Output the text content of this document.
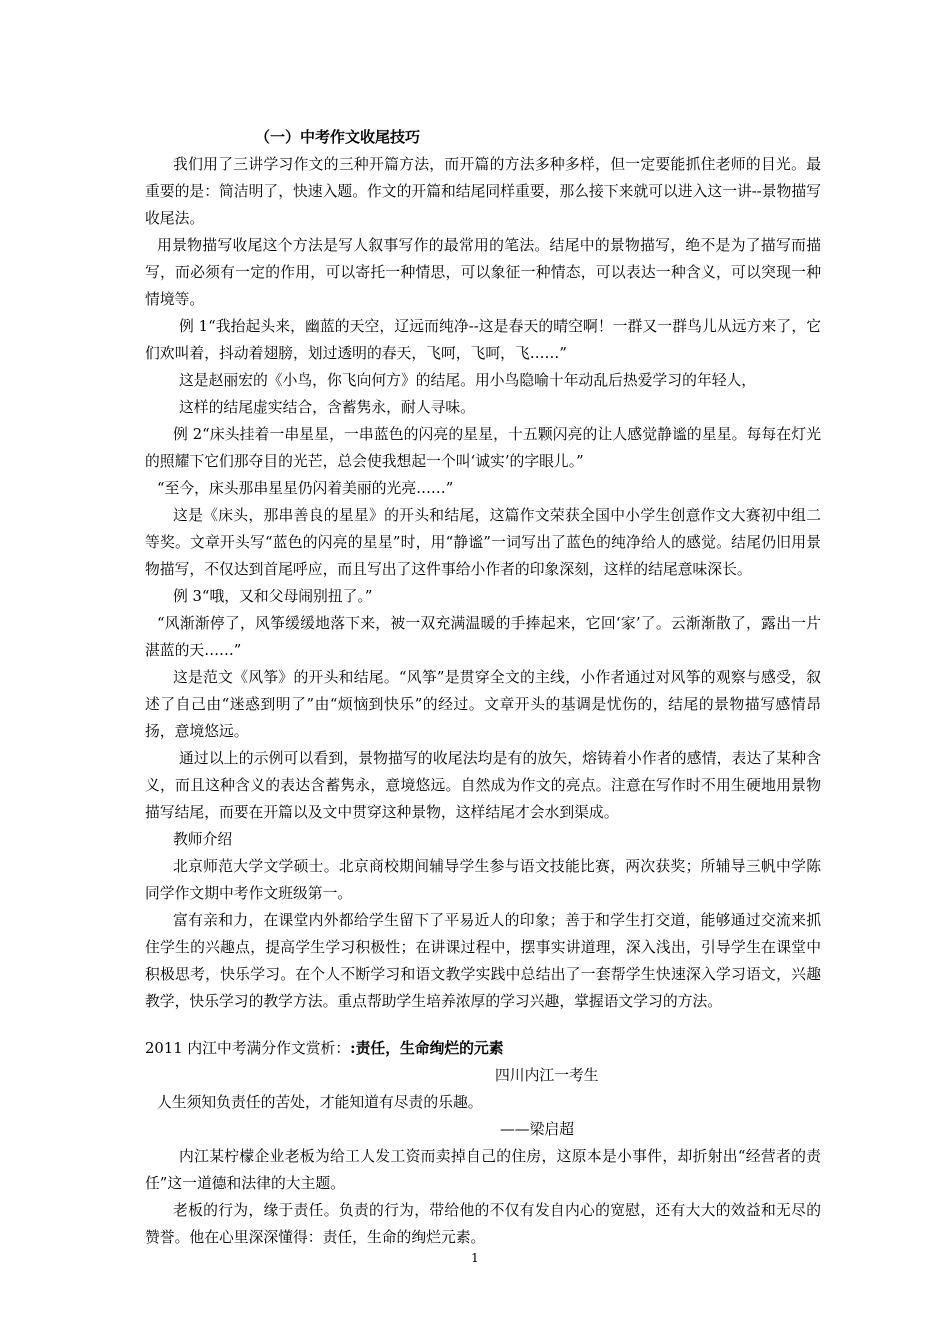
（一）中考作文收尾技巧

我们用了三讲学习作文的三种开篇方法，而开篇的方法多种多样，但一定要能抓住老师的目光。最重要的是：简洁明了，快速入题。作文的开篇和结尾同样重要，那么接下来就可以进入这一讲--景物描写收尾法。

用景物描写收尾这个方法是写人叙事写作的最常用的笔法。结尾中的景物描写，绝不是为了描写而描写，而必须有一定的作用，可以寄托一种情思，可以象征一种情态，可以表达一种含义，可以突现一种情境等。

例 1“我抬起头来，幽蓝的天空，辽远而纯净--这是春天的晴空啊！一群又一群鸟儿从远方来了，它们欢叫着，抖动着翅膀，划过透明的春天，飞呵，飞呵，飞……”

这是赵丽宏的《小鸟，你飞向何方》的结尾。用小鸟隐喻十年动乱后热爱学习的年轻人，

这样的结尾虚实结合，含蓄隽永，耐人寻味。

例 2“床头挂着一串星星，一串蓝色的闪亮的星星，十五颗闪亮的让人感觉静谧的星星。每每在灯光的照耀下它们那夺目的光芒，总会使我想起一个叫‘诚实’的字眼儿。”

“至今，床头那串星星仍闪着美丽的光亮……”

这是《床头，那串善良的星星》的开头和结尾，这篇作文荣获全国中小学生创意作文大赛初中组二等奖。文章开头写“蓝色的闪亮的星星”时，用“静谧”一词写出了蓝色的纯净给人的感觉。结尾仍旧用景物描写，不仅达到首尾呼应，而且写出了这件事给小作者的印象深刻，这样的结尾意味深长。

例 3“哦，又和父母闹别扭了。”

“风渐渐停了，风筝缓缓地落下来，被一双充满温暖的手捧起来，它回‘家’了。云渐渐散了，露出一片湛蓝的天……”

这是范文《风筝》的开头和结尾。“风筝”是贯穿全文的主线，小作者通过对风筝的观察与感受，叙述了自己由“迷惑到明了”由“烦恼到快乐”的经过。文章开头的基调是忧伤的，结尾的景物描写感情昂扬，意境悠远。

通过以上的示例可以看到，景物描写的收尾法均是有的放矢，熔铸着小作者的感情，表达了某种含义，而且这种含义的表达含蓄隽永，意境悠远。自然成为作文的亮点。注意在写作时不用生硬地用景物描写结尾，而要在开篇以及文中贯穿这种景物，这样结尾才会水到渠成。

教师介绍

北京师范大学文学硕士。北京商校期间辅导学生参与语文技能比赛，两次获奖；所辅导三帆中学陈同学作文期中考作文班级第一。

富有亲和力，在课堂内外都给学生留下了平易近人的印象；善于和学生打交道，能够通过交流来抓住学生的兴趣点，提高学生学习积极性；在讲课过程中，摆事实讲道理，深入浅出，引导学生在课堂中积极思考，快乐学习。在个人不断学习和语文教学实践中总结出了一套帮学生快速深入学习语文，兴趣教学，快乐学习的教学方法。重点帮助学生培养浓厚的学习兴趣，掌握语文学习的方法。

2011 内江中考满分作文赏析：:责任，生命绚烂的元素

四川内江一考生

人生须知负责任的苦处，才能知道有尽责的乐趣。

——梁启超

内江某柠檬企业老板为给工人发工资而卖掉自己的住房，这原本是小事件，却折射出“经营者的责任”这一道德和法律的大主题。

老板的行为，缘于责任。负责的行为，带给他的不仅有发自内心的宽慰，还有大大的效益和无尽的赞誉。他在心里深深懂得：责任，生命的绚烂元素。

1
